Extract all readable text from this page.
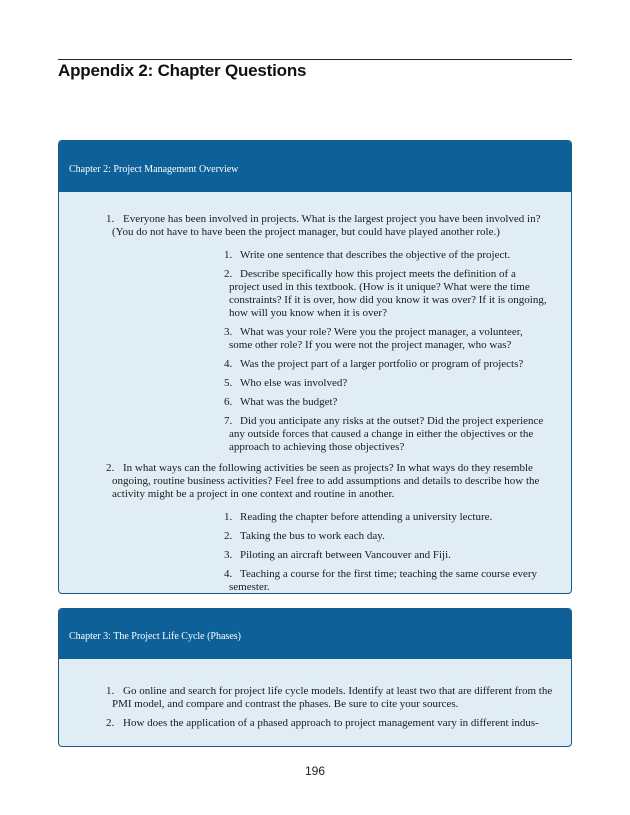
Appendix 2: Chapter Questions
Chapter 2: Project Management Overview
1. Everyone has been involved in projects. What is the largest project you have been involved in? (You do not have to have been the project manager, but could have played another role.)
1. Write one sentence that describes the objective of the project.
2. Describe specifically how this project meets the definition of a project used in this textbook. (How is it unique? What were the time constraints? If it is over, how did you know it was over? If it is ongoing, how will you know when it is over?
3. What was your role? Were you the project manager, a volunteer, some other role? If you were not the project manager, who was?
4. Was the project part of a larger portfolio or program of projects?
5. Who else was involved?
6. What was the budget?
7. Did you anticipate any risks at the outset? Did the project experience any outside forces that caused a change in either the objectives or the approach to achieving those objectives?
2. In what ways can the following activities be seen as projects? In what ways do they resemble ongoing, routine business activities? Feel free to add assumptions and details to describe how the activity might be a project in one context and routine in another.
1. Reading the chapter before attending a university lecture.
2. Taking the bus to work each day.
3. Piloting an aircraft between Vancouver and Fiji.
4. Teaching a course for the first time; teaching the same course every semester.
Chapter 3: The Project Life Cycle (Phases)
1. Go online and search for project life cycle models. Identify at least two that are different from the PMI model, and compare and contrast the phases. Be sure to cite your sources.
2. How does the application of a phased approach to project management vary in different indus-
196
